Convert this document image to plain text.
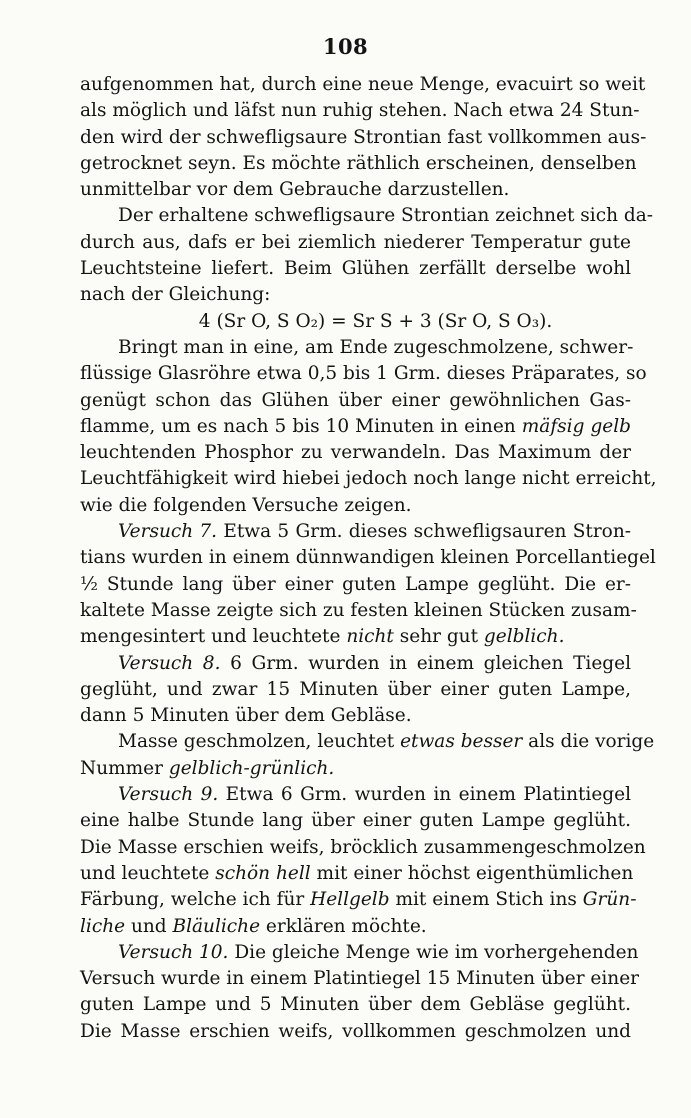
108
aufgenommen hat, durch eine neue Menge, evacuirt so weit
als möglich und läfst nun ruhig stehen. Nach etwa 24 Stun-
den wird der schwefligsaure Strontian fast vollkommen aus-
getrocknet seyn. Es möchte räthlich erscheinen, denselben
unmittelbar vor dem Gebrauche darzustellen.
Der erhaltene schwefligsaure Strontian zeichnet sich da-
durch aus, dafs er bei ziemlich niederer Temperatur gute
Leuchtsteine liefert. Beim Glühen zerfällt derselbe wohl
nach der Gleichung:
4 (Sr O, S O₂) = Sr S + 3 (Sr O, S O₃).
Bringt man in eine, am Ende zugeschmolzene, schwer-
flüssige Glasröhre etwa 0,5 bis 1 Grm. dieses Präparates, so
genügt schon das Glühen über einer gewöhnlichen Gas-
flamme, um es nach 5 bis 10 Minuten in einen mäfsig gelb
leuchtenden Phosphor zu verwandeln. Das Maximum der
Leuchtfähigkeit wird hiebei jedoch noch lange nicht erreicht,
wie die folgenden Versuche zeigen.
Versuch 7. Etwa 5 Grm. dieses schwefligsauren Stron-
tians wurden in einem dünnwandigen kleinen Porcellantiegel
½ Stunde lang über einer guten Lampe geglüht. Die er-
kaltete Masse zeigte sich zu festen kleinen Stücken zusam-
mengesintert und leuchtete nicht sehr gut gelblich.
Versuch 8. 6 Grm. wurden in einem gleichen Tiegel
geglüht, und zwar 15 Minuten über einer guten Lampe,
dann 5 Minuten über dem Gebläse.
Masse geschmolzen, leuchtet etwas besser als die vorige
Nummer gelblich-grünlich.
Versuch 9. Etwa 6 Grm. wurden in einem Platintiegel
eine halbe Stunde lang über einer guten Lampe geglüht.
Die Masse erschien weifs, bröcklich zusammengeschmolzen
und leuchtete schön hell mit einer höchst eigenthümlichen
Färbung, welche ich für Hellgelb mit einem Stich ins Grün-
liche und Bläuliche erklären möchte.
Versuch 10. Die gleiche Menge wie im vorhergehenden
Versuch wurde in einem Platintiegel 15 Minuten über einer
guten Lampe und 5 Minuten über dem Gebläse geglüht.
Die Masse erschien weifs, vollkommen geschmolzen und
